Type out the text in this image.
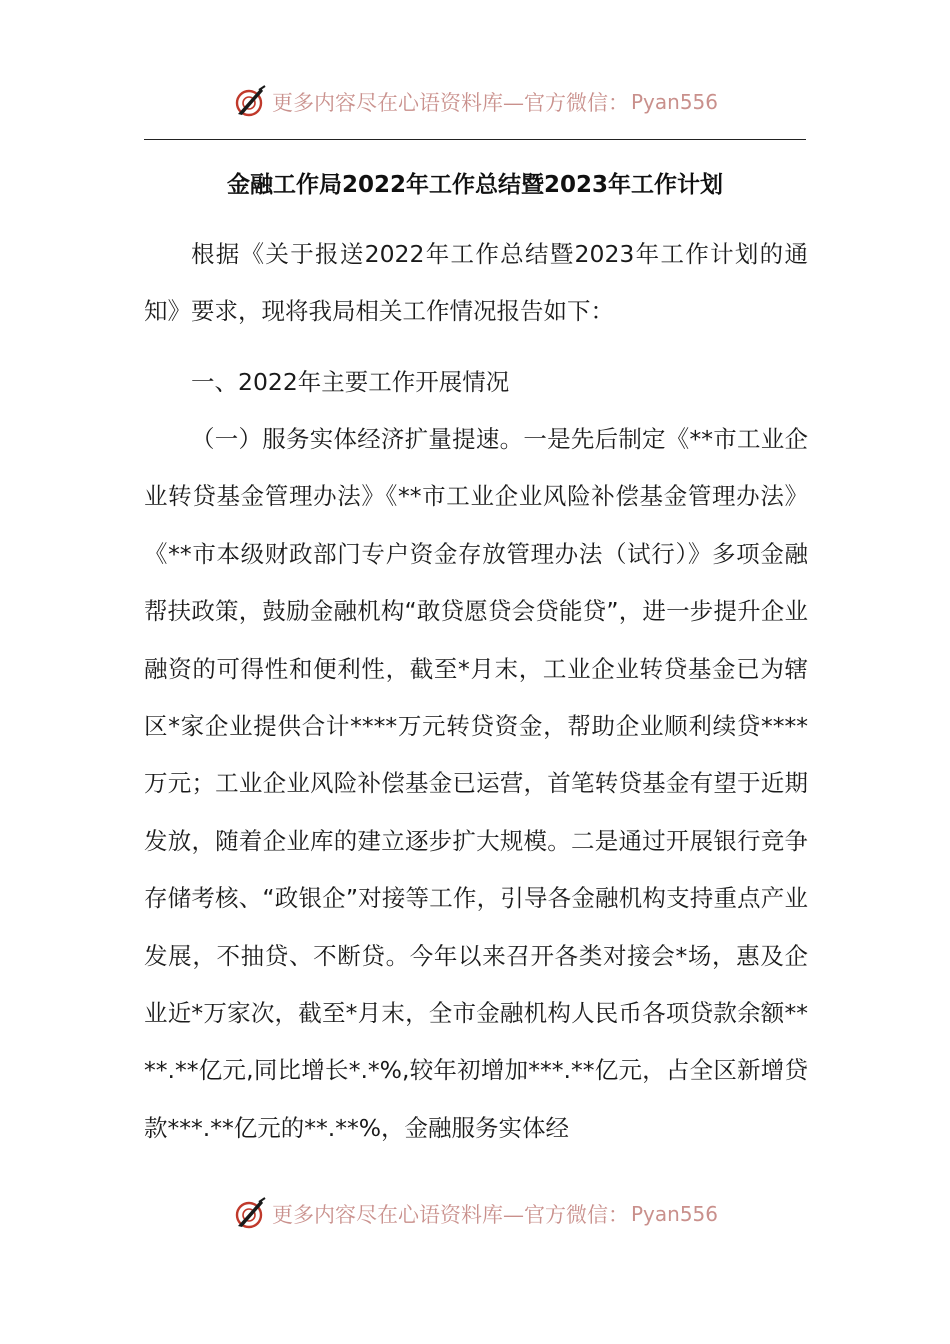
更多内容尽在心语资料库—官方微信： Pyan556
金融工作局2022年工作总结暨2023年工作计划
根据《关于报送2022年工作总结暨2023年工作计划的通知》要求，现将我局相关工作情况报告如下：
一、2022年主要工作开展情况
（一）服务实体经济扩量提速。一是先后制定《**市工业企业转贷基金管理办法》《**市工业企业风险补偿基金管理办法》《**市本级财政部门专户资金存放管理办法（试行）》多项金融帮扶政策，鼓励金融机构“敢贷愿贷会贷能贷”，进一步提升企业融资的可得性和便利性，截至*月末，工业企业转贷基金已为辖区*家企业提供合计****万元转贷资金，帮助企业顺利续贷****万元；工业企业风险补偿基金已运营，首笔转贷基金有望于近期发放，随着企业库的建立逐步扩大规模。二是通过开展银行竞争存储考核、“政银企”对接等工作，引导各金融机构支持重点产业发展，不抽贷、不断贷。今年以来召开各类对接会*场，惠及企业近*万家次，截至*月末，全市金融机构人民币各项贷款余额****.**亿元,同比增长*.*%,较年初增加***.**亿元，占全区新增贷款***.**亿元的**.**%，金融服务实体经
更多内容尽在心语资料库—官方微信： Pyan556
